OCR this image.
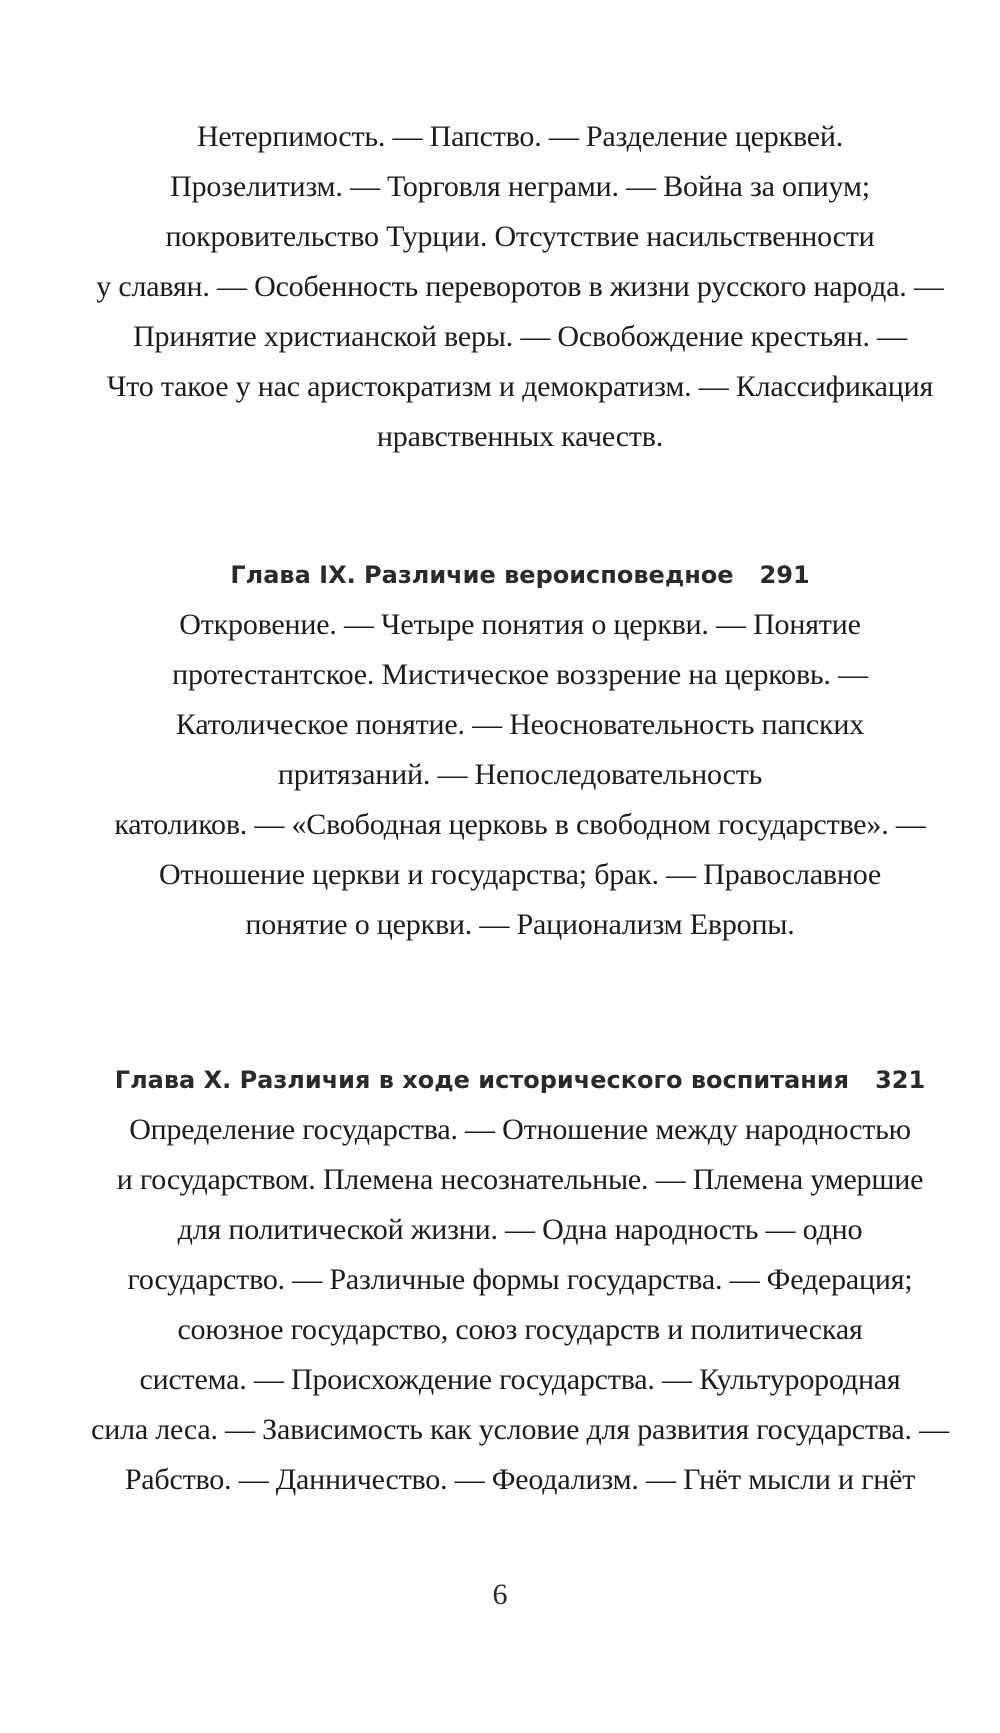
Нетерпимость. — Папство. — Разделение церквей.
Прозелитизм. — Торговля неграми. — Война за опиум;
покровительство Турции. Отсутствие насильственности
у славян. — Особенность переворотов в жизни русского народа. —
Принятие христианской веры. — Освобождение крестьян. —
Что такое у нас аристократизм и демократизм. — Классификация
нравственных качеств.
Глава IX. Различие вероисповедное 291
Откровение. — Четыре понятия о церкви. — Понятие
протестантское. Мистическое воззрение на церковь. —
Католическое понятие. — Неосновательность папских
притязаний. — Непоследовательность
католиков. — «Свободная церковь в свободном государстве». —
Отношение церкви и государства; брак. — Православное
понятие о церкви. — Рационализм Европы.
Глава X. Различия в ходе исторического воспитания 321
Определение государства. — Отношение между народностью
и государством. Племена несознательные. — Племена умершие
для политической жизни. — Одна народность — одно
государство. — Различные формы государства. — Федерация;
союзное государство, союз государств и политическая
система. — Происхождение государства. — Культуророднaя
сила леса. — Зависимость как условие для развития государства. —
Рабство. — Данничество. — Феодализм. — Гнёт мысли и гнёт
6
